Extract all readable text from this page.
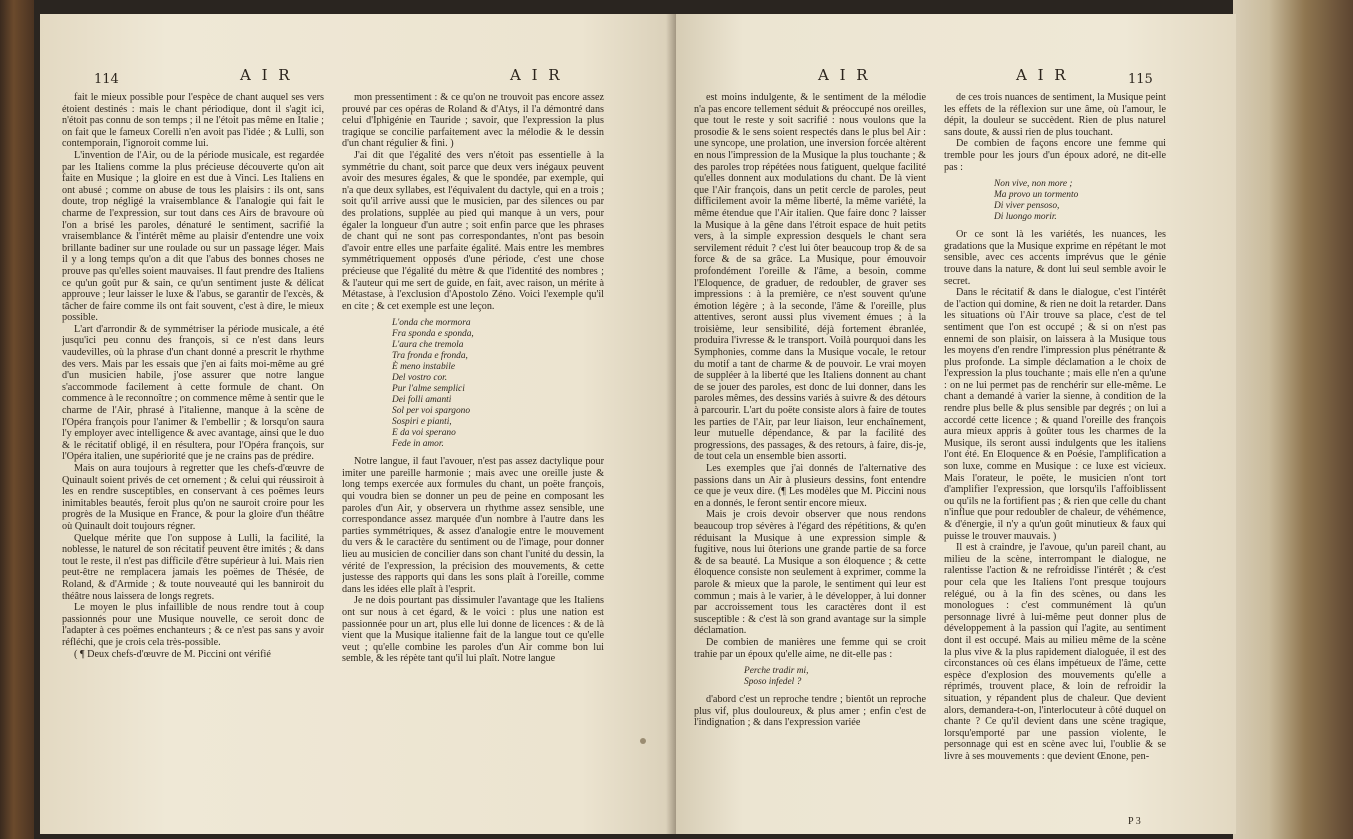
114	A I R	A I R

fait le mieux possible pour l'espèce de chant auquel ses vers étoient destinés : mais le chant périodique, dont il s'agit ici, n'étoit pas connu de son temps ; il ne l'étoit pas même en Italie ; on fait que le fameux Corelli n'en avoit pas l'idée ; & Lulli, son contemporain, l'ignoroit comme lui.

L'invention de l'Air, ou de la période musicale, est regardée par les Italiens comme la plus précieuse découverte qu'on ait faite en Musique ; la gloire en est due à Vinci. Les Italiens en ont abusé ; comme on abuse de tous les plaisirs : ils ont, sans doute, trop négligé la vraisemblance & l'analogie qui fait le charme de l'expression, sur tout dans ces Airs de bravoure où l'on a brisé les paroles, dénaturé le sentiment, sacrifié la vraisemblance & l'intérêt même au plaisir d'entendre une voix brillante badiner sur une roulade ou sur un passage léger. Mais il y a long temps qu'on a dit que l'abus des bonnes choses ne prouve pas qu'elles soient mauvaises. Il faut prendre des Italiens ce qu'un goût pur & sain, ce qu'un sentiment juste & délicat approuve ; leur laisser le luxe & l'abus, se garantir de l'excès, & tâcher de faire comme ils ont fait souvent, c'est à dire, le mieux possible.

L'art d'arrondir & de symmétriser la période musicale, a été jusqu'ici peu connu des françois, si ce n'est dans leurs vaudevilles, où la phrase d'un chant donné a prescrit le rhythme des vers. Mais par les essais que j'en ai faits moi-même au gré d'un musicien habile, j'ose assurer que notre langue s'accommode facilement à cette formule de chant. On commence à le reconnoître ; on commence même à sentir que le charme de l'Air, phrasé à l'italienne, manque à la scène de l'Opéra françois pour l'animer & l'embellir ; & lorsqu'on saura l'y employer avec intelligence & avec avantage, ainsi que le duo & le récitatif obligé, il en résultera, pour l'Opéra françois, sur l'Opéra italien, une supériorité que je ne crains pas de prédire.

Mais on aura toujours à regretter que les chefs-d'œuvre de Quinault soient privés de cet ornement ; & celui qui réussiroit à les en rendre susceptibles, en conservant à ces poëmes leurs inimitables beautés, feroit plus qu'on ne sauroit croire pour les progrès de la Musique en France, & pour la gloire d'un théâtre où Quinault doit toujours régner.

Quelque mérite que l'on suppose à Lulli, la facilité, la noblesse, le naturel de son récitatif peuvent être imités ; & dans tout le reste, il n'est pas difficile d'être supérieur à lui. Mais rien peut-être ne remplacera jamais les poëmes de Thésée, de Roland, & d'Armide ; & toute nouveauté qui les banniroit du théâtre nous laissera de longs regrets.

Le moyen le plus infaillible de nous rendre tout à coup passionnés pour une Musique nouvelle, ce seroit donc de l'adapter à ces poëmes enchanteurs ; & ce n'est pas sans y avoir réfléchi, que je crois cela très-possible.

( ¶ Deux chefs-d'œuvre de M. Piccini ont vérifié

mon pressentiment : & ce qu'on ne trouvoit pas encore assez prouvé par ces opéras de Roland & d'Atys, il l'a démontré dans celui d'Iphigénie en Tauride ; savoir, que l'expression la plus tragique se concilie parfaitement avec la mélodie & le dessin d'un chant régulier & fini. )

J'ai dit que l'égalité des vers n'étoit pas essentielle à la symmétrie du chant, soit parce que deux vers inégaux peuvent avoir des mesures égales, & que le spondée, par exemple, qui n'a que deux syllabes, est l'équivalent du dactyle, qui en a trois ; soit qu'il arrive aussi que le musicien, par des silences ou par des prolations, supplée au pied qui manque à un vers, pour égaler la longueur d'un autre ; soit enfin parce que les phrases de chant qui ne sont pas correspondantes, n'ont pas besoin d'avoir entre elles une parfaite égalité. Mais entre les membres symmétriquement opposés d'une période, c'est une chose précieuse que l'égalité du mètre & que l'identité des nombres ; & l'auteur qui me sert de guide, en fait, avec raison, un mérite à Métastase, à l'exclusion d'Apostolo Zéno. Voici l'exemple qu'il en cite ; & cet exemple est une leçon.

L'onda che mormora
Fra sponda e sponda,
L'aura che tremola
Tra fronda e fronda,
È meno instabile
Del vostro cor.
Pur l'alme semplici
Dei folli amanti
Sol per voi spargono
Sospiri e pianti,
E da voi sperano
Fede in amor.

Notre langue, il faut l'avouer, n'est pas assez dactylique pour imiter une pareille harmonie ; mais avec une oreille juste & long temps exercée aux formules du chant, un poëte françois, qui voudra bien se donner un peu de peine en composant les paroles d'un Air, y observera un rhythme assez sensible, une correspondance assez marquée d'un nombre à l'autre dans les parties symmétriques, & assez d'analogie entre le mouvement du vers & le caractère du sentiment ou de l'image, pour donner lieu au musicien de concilier dans son chant l'unité du dessin, la vérité de l'expression, la précision des mouvements, & cette justesse des rapports qui dans les sons plaît à l'oreille, comme dans les idées elle plaît à l'esprit.

Je ne dois pourtant pas dissimuler l'avantage que les Italiens ont sur nous à cet égard, & le voici : plus une nation est passionnée pour un art, plus elle lui donne de licences : & de là vient que la Musique italienne fait de la langue tout ce qu'elle veut ; qu'elle combine les paroles d'un Air comme bon lui semble, & les répète tant qu'il lui plaît. Notre langue

A I R	A I R	115

est moins indulgente, & le sentiment de la mélodie n'a pas encore tellement séduit & préoccupé nos oreilles, que tout le reste y soit sacrifié : nous voulons que la prosodie & le sens soient respectés dans le plus bel Air : une syncope, une prolation, une inversion forcée altèrent en nous l'impression de la Musique la plus touchante ; & des paroles trop répétées nous fatiguent, quelque facilité qu'elles donnent aux modulations du chant. De là vient que l'Air françois, dans un petit cercle de paroles, peut difficilement avoir la même liberté, la même variété, la même étendue que l'Air italien. Que faire donc ? laisser la Musique à la gêne dans l'étroit espace de huit petits vers, à la simple expression desquels le chant sera servilement réduit ? c'est lui ôter beaucoup trop & de sa force & de sa grâce. La Musique, pour émouvoir profondément l'oreille & l'âme, a besoin, comme l'Eloquence, de graduer, de redoubler, de graver ses impressions : à la première, ce n'est souvent qu'une émotion légère ; à la seconde, l'âme & l'oreille, plus attentives, seront aussi plus vivement émues ; à la troisième, leur sensibilité, déjà fortement ébranlée, produira l'ivresse & le transport. Voilà pourquoi dans les Symphonies, comme dans la Musique vocale, le retour du motif a tant de charme & de pouvoir. Le vrai moyen de suppléer à la liberté que les Italiens donnent au chant de se jouer des paroles, est donc de lui donner, dans les paroles mêmes, des dessins variés à suivre & des détours à parcourir. L'art du poëte consiste alors à faire de toutes les parties de l'Air, par leur liaison, leur enchaînement, leur mutuelle dépendance, & par la facilité des progressions, des passages, & des retours, à faire, dis-je, de tout cela un ensemble bien assorti.

Les exemples que j'ai donnés de l'alternative des passions dans un Air à plusieurs dessins, font entendre ce que je veux dire. (¶ Les modèles que M. Piccini nous en a donnés, le feront sentir encore mieux.

Mais je crois devoir observer que nous rendons beaucoup trop sévères à l'égard des répétitions, & qu'en réduisant la Musique à une expression simple & fugitive, nous lui ôterions une grande partie de sa force & de sa beauté. La Musique a son éloquence ; & cette éloquence consiste non seulement à exprimer, comme la parole & mieux que la parole, le sentiment qui leur est commun ; mais à le varier, à le développer, à lui donner par accroissement tous les caractères dont il est susceptible : & c'est là son grand avantage sur la simple déclamation.

De combien de manières une femme qui se croit trahie par un époux qu'elle aime, ne dit-elle pas :

Perche tradir mi,
Sposo infedel ?

d'abord c'est un reproche tendre ; bientôt un reproche plus vif, plus douloureux, & plus amer ; enfin c'est de l'indignation ; & dans l'expression variée

de ces trois nuances de sentiment, la Musique peint les effets de la réflexion sur une âme, où l'amour, le dépit, la douleur se succèdent. Rien de plus naturel sans doute, & aussi rien de plus touchant.

De combien de façons encore une femme qui tremble pour les jours d'un époux adoré, ne dit-elle pas :

Non vive, non more ;
Ma provo un tormento
Di viver pensoso,
Di luongo morir.

Or ce sont là les variétés, les nuances, les gradations que la Musique exprime en répétant le mot sensible, avec ces accents imprévus que le génie trouve dans la nature, & dont lui seul semble avoir le secret.

Dans le récitatif & dans le dialogue, c'est l'intérêt de l'action qui domine, & rien ne doit la retarder. Dans les situations où l'Air trouve sa place, c'est de tel sentiment que l'on est occupé ; & si on n'est pas ennemi de son plaisir, on laissera à la Musique tous les moyens d'en rendre l'impression plus pénétrante & plus profonde. La simple déclamation a le choix de l'expression la plus touchante ; mais elle n'en a qu'une : on ne lui permet pas de renchérir sur elle-même. Le chant a demandé à varier la sienne, à condition de la rendre plus belle & plus sensible par degrés ; on lui a accordé cette licence ; & quand l'oreille des françois aura mieux appris à goûter tous les charmes de la Musique, ils seront aussi indulgents que les italiens l'ont été. En Eloquence & en Poésie, l'amplification a son luxe, comme en Musique : ce luxe est vicieux. Mais l'orateur, le poëte, le musicien n'ont tort d'amplifier l'expression, que lorsqu'ils l'affoiblissent ou qu'ils ne la fortifient pas ; & rien que celle du chant n'influe que pour redoubler de chaleur, de véhémence, & d'énergie, il n'y a qu'un goût minutieux & faux qui puisse le trouver mauvais. )

Il est à craindre, je l'avoue, qu'un pareil chant, au milieu de la scène, interrompant le dialogue, ne ralentisse l'action & ne refroidisse l'intérêt ; & c'est pour cela que les Italiens l'ont presque toujours relégué, ou à la fin des scènes, ou dans les monologues : c'est communément là qu'un personnage livré à lui-même peut donner plus de développement à la passion qui l'agite, au sentiment dont il est occupé. Mais au milieu même de la scène la plus vive & la plus rapidement dialoguée, il est des circonstances où ces élans impétueux de l'âme, cette espèce d'explosion des mouvements qu'elle a réprimés, trouvent place, & loin de refroidir la situation, y répandent plus de chaleur. Que devient alors, demandera-t-on, l'interlocuteur à côté duquel on chante ? Ce qu'il devient dans une scène tragique, lorsqu'emporté par une passion violente, le personnage qui est en scène avec lui, l'oublie & se livre à ses mouvements : que devient Œnone, pen-

P 3
